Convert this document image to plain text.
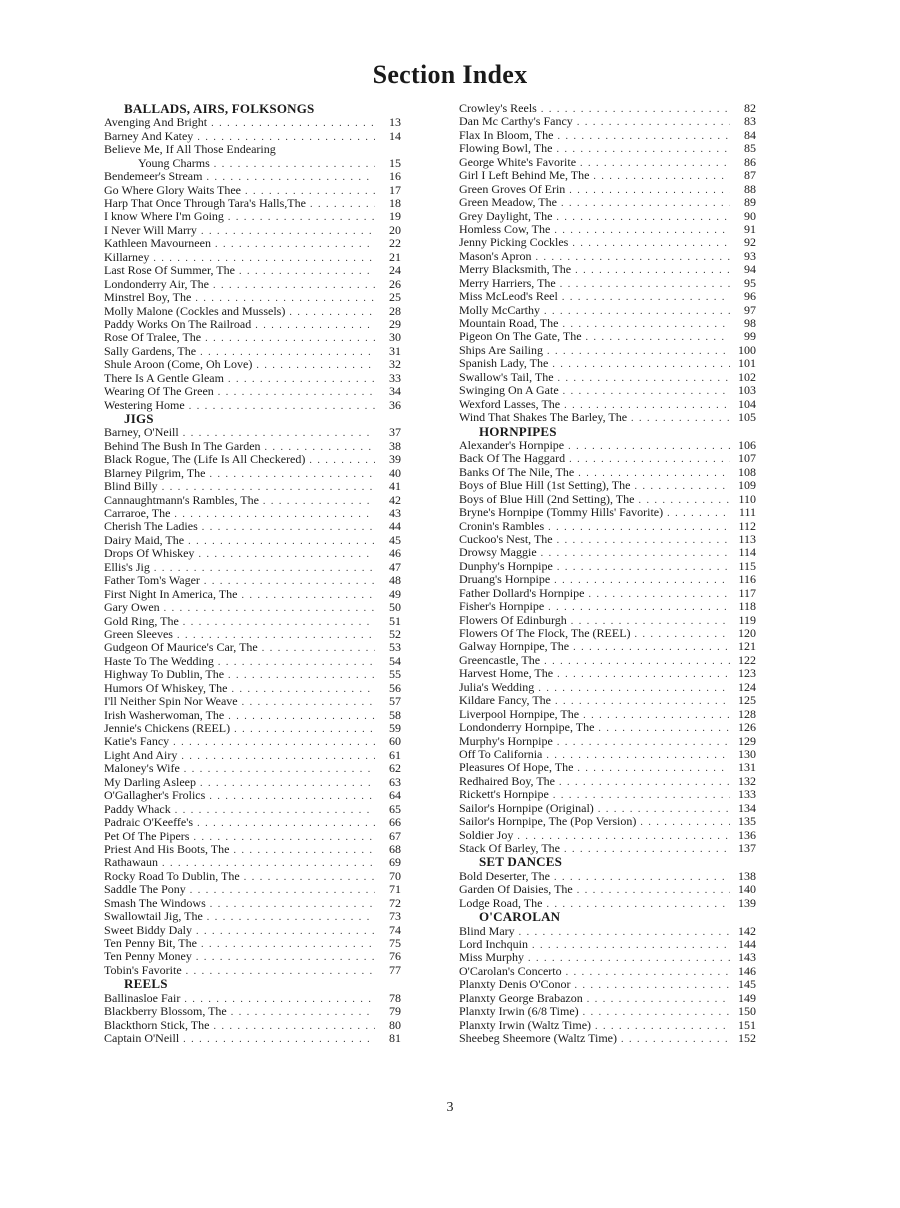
Section Index
BALLADS, AIRS, FOLKSONGS
Avenging And Bright . . .	13
Barney And Katey . . .	14
Believe Me, If All Those Endearing
Young Charms . . .	15
Bendemeer's Stream . . .	16
Go Where Glory Waits Thee . . .	17
Harp That Once Through Tara's Halls,The . . .	18
I know Where I'm Going . . .	19
I Never Will Marry . . .	20
Kathleen Mavourneen . . .	22
Killarney . . .	21
Last Rose Of Summer, The . . .	24
Londonderry Air, The . . .	26
Minstrel Boy, The . . .	25
Molly Malone (Cockles and Mussels) . . .	28
Paddy Works On The Railroad . . .	29
Rose Of Tralee, The . . .	30
Sally Gardens, The . . .	31
Shule Aroon (Come, Oh Love) . . .	32
There Is A Gentle Gleam . . .	33
Wearing Of The Green . . .	34
Westering Home . . .	36
JIGS
Barney, O'Neill . . .	37
Behind The Bush In The Garden . . .	38
Black Rogue, The (Life Is All Checkered) . . .	39
Blarney Pilgrim, The . . .	40
Blind Billy . . .	41
Cannaughtmann's Rambles, The . . .	42
Carraroe, The . . .	43
Cherish The Ladies . . .	44
Dairy Maid, The . . .	45
Drops Of Whiskey . . .	46
Ellis's Jig . . .	47
Father Tom's Wager . . .	48
First Night In America, The . . .	49
Gary Owen . . .	50
Gold Ring, The . . .	51
Green Sleeves . . .	52
Gudgeon Of Maurice's Car, The . . .	53
Haste To The Wedding . . .	54
Highway To Dublin, The . . .	55
Humors Of Whiskey, The . . .	56
I'll Neither Spin Nor Weave . . .	57
Irish Washerwoman, The . . .	58
Jennie's Chickens (REEL) . . .	59
Katie's Fancy . . .	60
Light And Airy . . .	61
Maloney's Wife . . .	62
My Darling Asleep . . .	63
O'Gallagher's Frolics . . .	64
Paddy Whack . . .	65
Padraic O'Keeffe's . . .	66
Pet Of The Pipers . . .	67
Priest And His Boots, The . . .	68
Rathawaun . . .	69
Rocky Road To Dublin, The . . .	70
Saddle The Pony . . .	71
Smash The Windows . . .	72
Swallowtail Jig, The . . .	73
Sweet Biddy Daly . . .	74
Ten Penny Bit, The . . .	75
Ten Penny Money . . .	76
Tobin's Favorite . . .	77
REELS
Ballinasloe Fair . . .	78
Blackberry Blossom, The . . .	79
Blackthorn Stick, The . . .	80
Captain O'Neill . . .	81
Crowley's Reels . . .	82
Dan Mc Carthy's Fancy . . .	83
Flax In Bloom, The . . .	84
Flowing Bowl, The . . .	85
George White's Favorite . . .	86
Girl I Left Behind Me, The . . .	87
Green Groves Of Erin . . .	88
Green Meadow, The . . .	89
Grey Daylight, The . . .	90
Homless Cow, The . . .	91
Jenny Picking Cockles . . .	92
Mason's Apron . . .	93
Merry Blacksmith, The . . .	94
Merry Harriers, The . . .	95
Miss McLeod's Reel . . .	96
Molly McCarthy . . .	97
Mountain Road, The . . .	98
Pigeon On The Gate, The . . .	99
Ships Are Sailing . . .	100
Spanish Lady, The . . .	101
Swallow's Tail, The . . .	102
Swinging On A Gate . . .	103
Wexford Lasses, The . . .	104
Wind That Shakes The Barley, The . . .	105
HORNPIPES
Alexander's Hornpipe . . .	106
Back Of The Haggard . . .	107
Banks Of The Nile, The . . .	108
Boys of Blue Hill (1st Setting), The . . .	109
Boys of Blue Hill (2nd Setting), The . . .	110
Bryne's Hornpipe (Tommy Hills' Favorite) . . .	111
Cronin's Rambles . . .	112
Cuckoo's Nest, The . . .	113
Drowsy Maggie . . .	114
Dunphy's Hornpipe . . .	115
Druang's Hornpipe . . .	116
Father Dollard's Hornpipe . . .	117
Fisher's Hornpipe . . .	118
Flowers Of Edinburgh . . .	119
Flowers Of The Flock, The (REEL) . . .	120
Galway Hornpipe, The . . .	121
Greencastle, The . . .	122
Harvest Home, The . . .	123
Julia's Wedding . . .	124
Kildare Fancy, The . . .	125
Liverpool Hornpipe, The . . .	128
Londonderry Hornpipe, The . . .	126
Murphy's Hornpipe . . .	129
Off To California . . .	130
Pleasures Of Hope, The . . .	131
Redhaired Boy, The . . .	132
Rickett's Hornpipe . . .	133
Sailor's Hornpipe (Original) . . .	134
Sailor's Hornpipe, The (Pop Version) . . .	135
Soldier Joy . . .	136
Stack Of Barley, The . . .	137
SET DANCES
Bold Deserter, The . . .	138
Garden Of Daisies, The . . .	140
Lodge Road, The . . .	139
O'CAROLAN
Blind Mary . . .	142
Lord Inchquin . . .	144
Miss Murphy . . .	143
O'Carolan's Concerto . . .	146
Planxty Denis O'Conor . . .	145
Planxty George Brabazon . . .	149
Planxty Irwin (6/8 Time) . . .	150
Planxty Irwin (Waltz Time) . . .	151
Sheebeg Sheemore (Waltz Time) . . .	152
3
